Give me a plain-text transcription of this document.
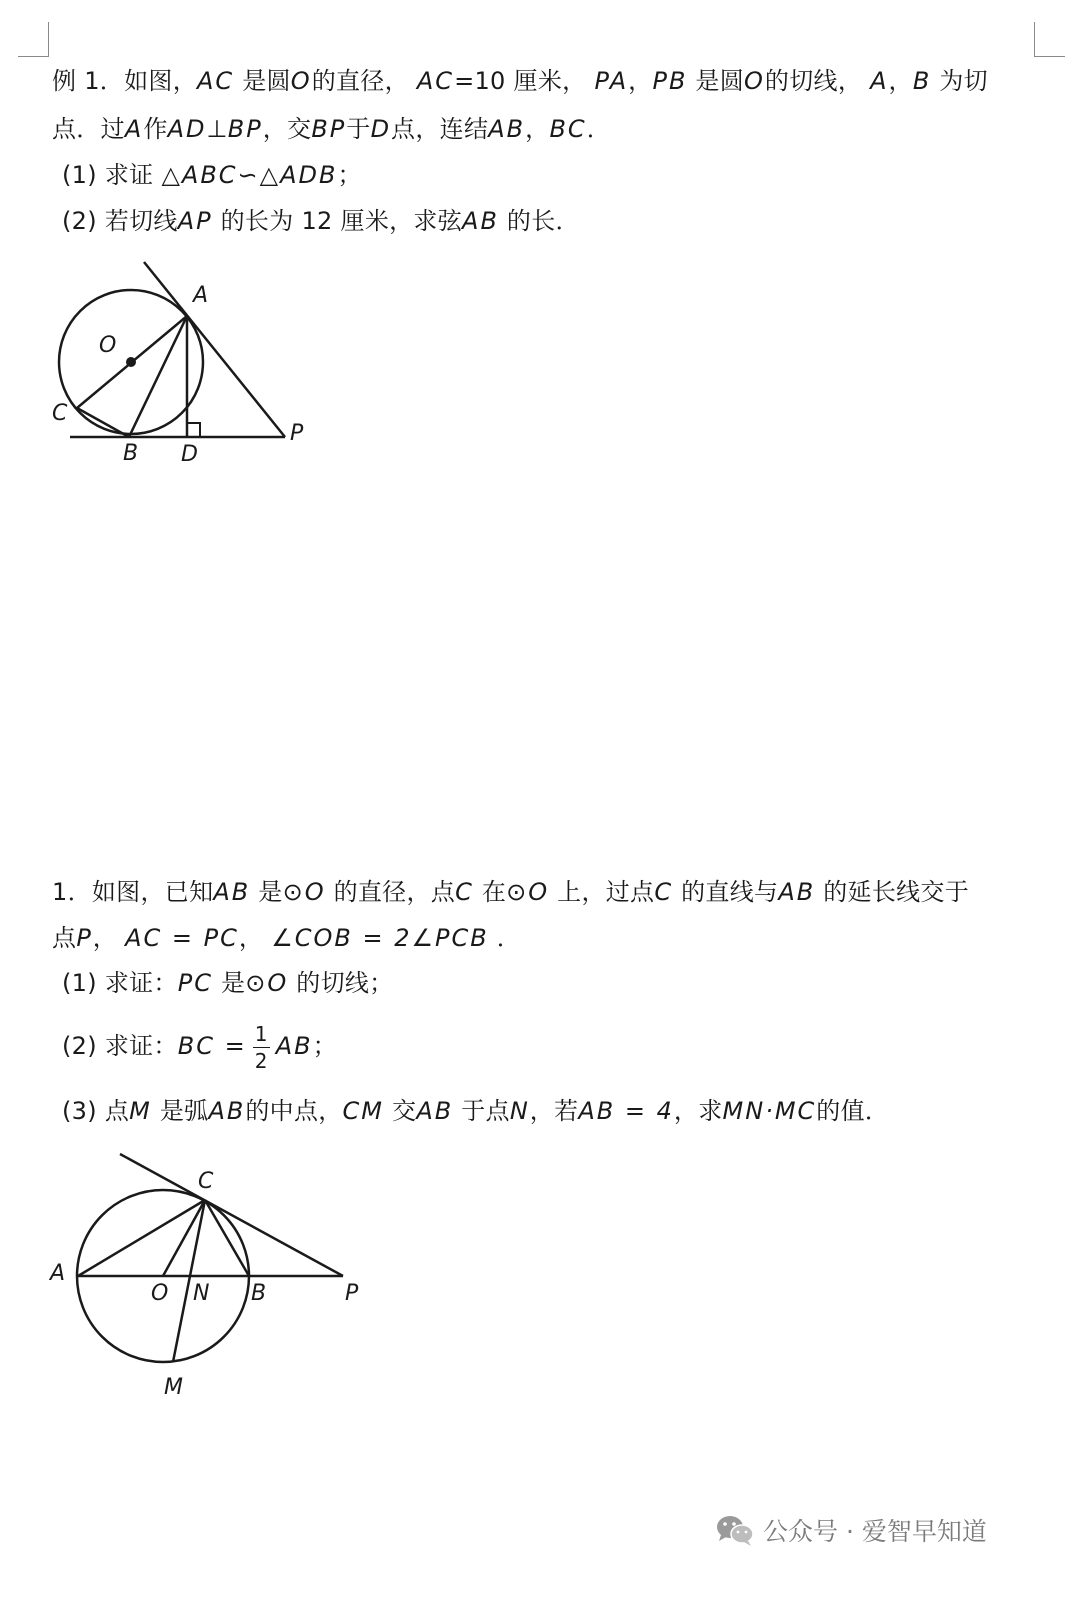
例 1．如图，AC 是圆O的直径， AC=10 厘米， PA，PB 是圆O的切线， A，B 为切
点．过A作AD⊥BP，交BP于D点，连结AB，BC．
(1) 求证 △ABC∽△ADB；
(2) 若切线AP 的长为 12 厘米，求弦AB 的长．
A
O
C
B D
P
1．如图，已知AB 是⊙O 的直径，点C 在⊙O 上，过点C 的直线与AB 的延长线交于
点P， AC = PC， ∠COB = 2∠PCB ．
(1) 求证：PC 是⊙O 的切线；
(2) 求证：BC = $\frac{1}{2}$ AB；
(3) 点M 是弧AB的中点，CM 交AB 于点N，若AB = 4，求MN·MC的值．
C
A
O N B	P
M
公众号 · 爱智早知道
